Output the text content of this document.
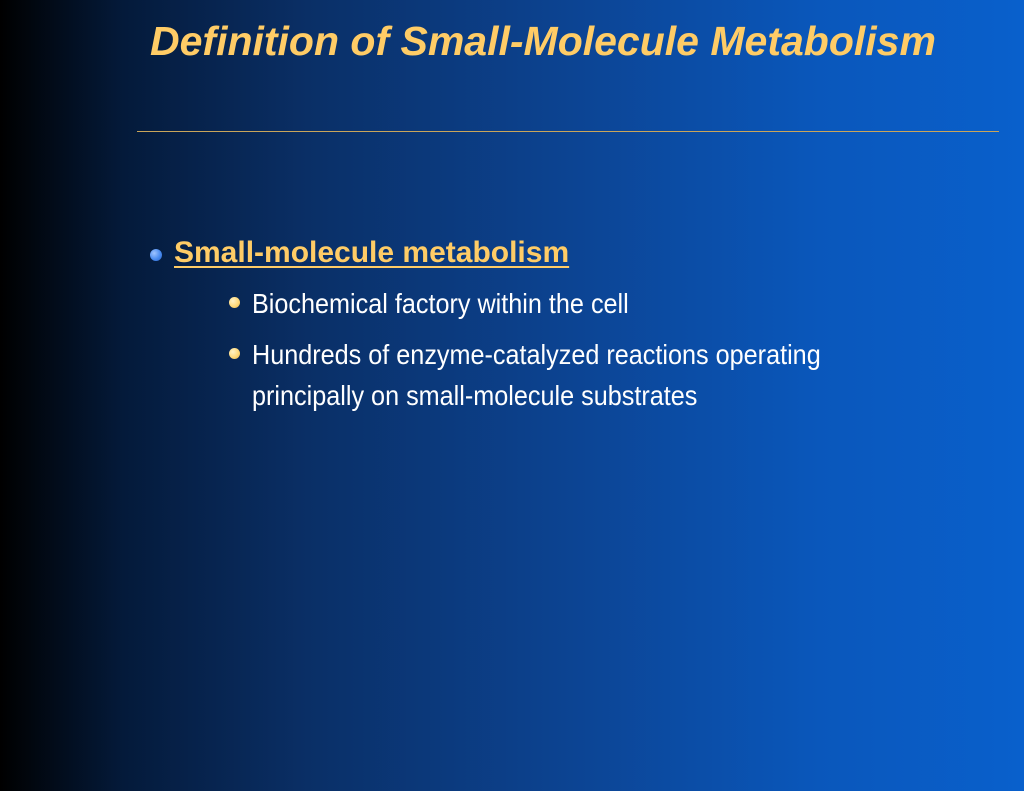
Definition of Small-Molecule Metabolism
Small-molecule metabolism
Biochemical factory within the cell
Hundreds of enzyme-catalyzed reactions operating principally on small-molecule substrates
